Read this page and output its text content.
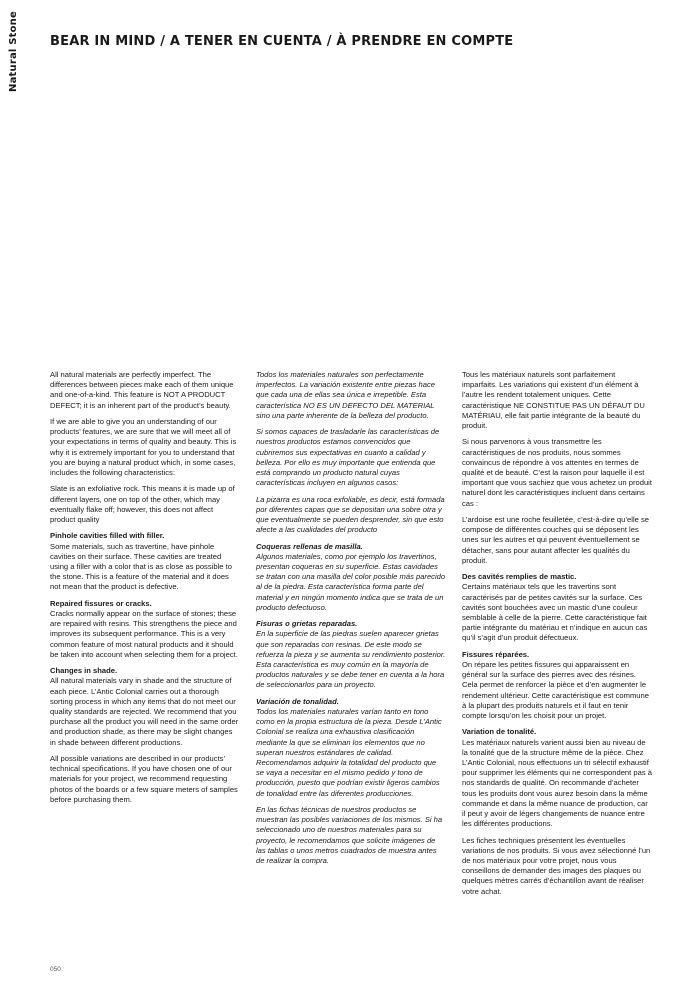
Natural Stone BEAR IN MIND / A TENER EN CUENTA / À PRENDRE EN COMPTE

All natural materials are perfectly imperfect. The differences between pieces make each of them unique and one-of-a-kind. This feature is NOT A PRODUCT DEFECT; it is an inherent part of the product’s beauty.

If we are able to give you an understanding of our products’ features, we are sure that we will meet all of your expectations in terms of quality and beauty. This is why it is extremely important for you to understand that you are buying a natural product which, in some cases, includes the following characteristics:

Slate is an exfoliative rock. This means it is made up of different layers, one on top of the other, which may eventually flake off; however, this does not affect product quality

Pinhole cavities filled with filler.
Some materials, such as travertine, have pinhole cavities on their surface. These cavities are treated using a filler with a color that is as close as possible to the stone. This is a feature of the material and it does not mean that the product is defective.

Repaired fissures or cracks.
Cracks normally appear on the surface of stones; these are repaired with resins. This strengthens the piece and improves its subsequent performance. This is a very common feature of most natural products and it should be taken into account when selecting them for a project.

Changes in shade.
All natural materials vary in shade and the structure of each piece. L’Antic Colonial carries out a thorough sorting process in which any items that do not meet our quality standards are rejected. We recommend that you purchase all the product you will need in the same order and production shade, as there may be slight changes in shade between different productions.

All possible variations are described in our products’ technical specifications. If you have chosen one of our materials for your project, we recommend requesting photos of the boards or a few square meters of samples before purchasing them.

Todos los materiales naturales son perfectamente imperfectos. La variación existente entre piezas hace que cada una de ellas sea única e irrepetible. Esta característica NO ES UN DEFECTO DEL MATERIAL sino una parte inherente de la belleza del producto.

Si somos capaces de trasladarle las características de nuestros productos estamos convencidos que cubriremos sus expectativas en cuanto a calidad y belleza. Por ello es muy importante que entienda que está comprando un producto natural cuyas características incluyen en algunos casos:

La pizarra es una roca exfoliable, es decir, está formada por diferentes capas que se depositan una sobre otra y que eventualmente se pueden desprender, sin que esto afecte a las cualidades del producto

Coqueras rellenas de masilla.
Algunos materiales, como por ejemplo los travertinos, presentan coqueras en su superficie. Estas cavidades se tratan con una masilla del color posible más parecido al de la piedra. Esta característica forma parte del material y en ningún momento indica que se trata de un producto defectuoso.

Fisuras o grietas reparadas.
En la superficie de las piedras suelen aparecer grietas que son reparadas con resinas. De este modo se refuerza la pieza y se aumenta su rendimiento posterior. Esta característica es muy común en la mayoría de productos naturales y se debe tener en cuenta a la hora de seleccionarlos para un proyecto.

Variación de tonalidad.
Todos los materiales naturales varían tanto en tono como en la propia estructura de la pieza. Desde L’Antic Colonial se realiza una exhaustiva clasificación mediante la que se eliminan los elementos que no superan nuestros estándares de calidad. Recomendamos adquirir la totalidad del producto que se vaya a necesitar en el mismo pedido y tono de producción, puesto que podrían existir ligeros cambios de tonalidad entre las diferentes producciones.

En las fichas técnicas de nuestros productos se muestran las posibles variaciones de los mismos. Si ha seleccionado uno de nuestros materiales para su proyecto, le recomendamos que solicite imágenes de las tablas o unos metros cuadrados de muestra antes de realizar la compra.

Tous les matériaux naturels sont parfaitement imparfaits. Les variations qui existent d’un élément à l’autre les rendent totalement uniques. Cette caractéristique NE CONSTITUE PAS UN DÉFAUT DU MATÉRIAU, elle fait partie intégrante de la beauté du produit.

Si nous parvenons à vous transmettre les caractéristiques de nos produits, nous sommes convaincus de répondre à vos attentes en termes de qualité et de beauté. C’est la raison pour laquelle il est important que vous sachiez que vous achetez un produit naturel dont les caractéristiques incluent dans certains cas :

L’ardoise est une roche feuilletée, c’est-à-dire qu’elle se compose de différentes couches qui se déposent les unes sur les autres et qui peuvent éventuellement se détacher, sans pour autant affecter les qualités du produit.

Des cavités remplies de mastic.
Certains matériaux tels que les travertins sont caractérisés par de petites cavités sur la surface. Ces cavités sont bouchées avec un mastic d’une couleur semblable à celle de la pierre. Cette caractéristique fait partie intégrante du matériau et n’indique en aucun cas qu’il s’agit d’un produit défectueux.

Fissures réparées.
On répare les petites fissures qui apparaissent en général sur la surface des pierres avec des résines. Cela permet de renforcer la pièce et d’en augmenter le rendement ultérieur. Cette caractéristique est commune à la plupart des produits naturels et il faut en tenir compte lorsqu’on les choisit pour un projet.

Variation de tonalité.
Les matériaux naturels varient aussi bien au niveau de la tonalité que de la structure même de la pièce. Chez L’Antic Colonial, nous effectuons un tri sélectif exhaustif pour supprimer les éléments qui ne correspondent pas à nos standards de qualité. On recommande d’acheter tous les produits dont vous aurez besoin dans la même commande et dans la même nuance de production, car il peut y avoir de légers changements de nuance entre les différentes productions.

Les fiches techniques présentent les éventuelles variations de nos produits. Si vous avez sélectionné l’un de nos matériaux pour votre projet, nous vous conseillons de demander des images des plaques ou quelques mètres carrés d’échantillon avant de réaliser votre achat.

050
